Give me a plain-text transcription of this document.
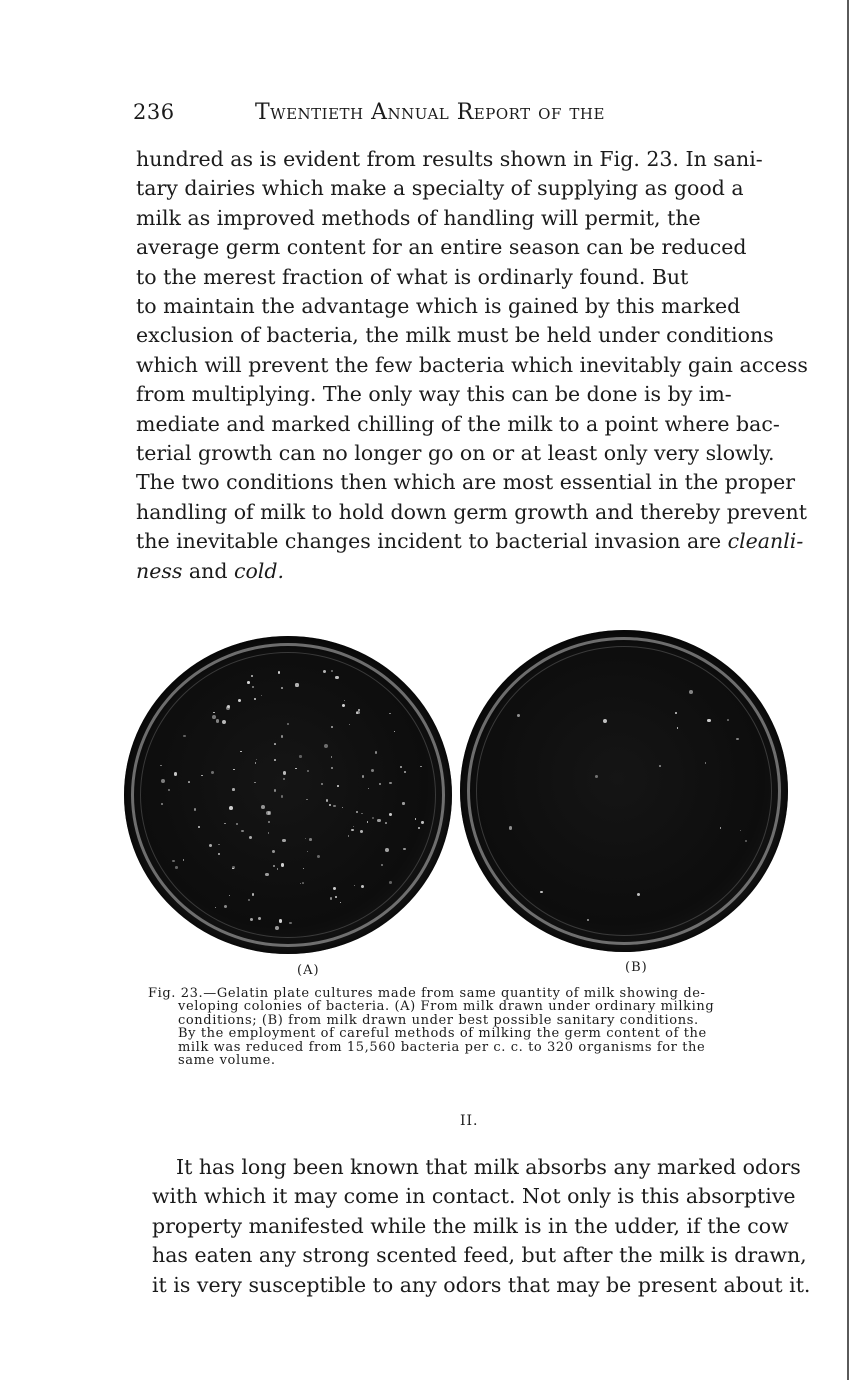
236	Twentieth Annual Report of the
hundred as is evident from results shown in Fig. 23. In sani-
tary dairies which make a specialty of supplying as good a
milk as improved methods of handling will permit, the
average germ content for an entire season can be reduced
to the merest fraction of what is ordinarly found. But
to maintain the advantage which is gained by this marked
exclusion of bacteria, the milk must be held under conditions
which will prevent the few bacteria which inevitably gain access
from multiplying. The only way this can be done is by im-
mediate and marked chilling of the milk to a point where bac-
terial growth can no longer go on or at least only very slowly.
The two conditions then which are most essential in the proper
handling of milk to hold down germ growth and thereby prevent
the inevitable changes incident to bacterial invasion are cleanli-
ness and cold.
(A)	(B)
Fig. 23.—Gelatin plate cultures made from same quantity of milk showing de-
veloping colonies of bacteria. (A) From milk drawn under ordinary milking
conditions; (B) from milk drawn under best possible sanitary conditions.
By the employment of careful methods of milking the germ content of the
milk was reduced from 15,560 bacteria per c. c. to 320 organisms for the
same volume.
II.
It has long been known that milk absorbs any marked odors
with which it may come in contact. Not only is this absorptive
property manifested while the milk is in the udder, if the cow
has eaten any strong scented feed, but after the milk is drawn,
it is very susceptible to any odors that may be present about it.
